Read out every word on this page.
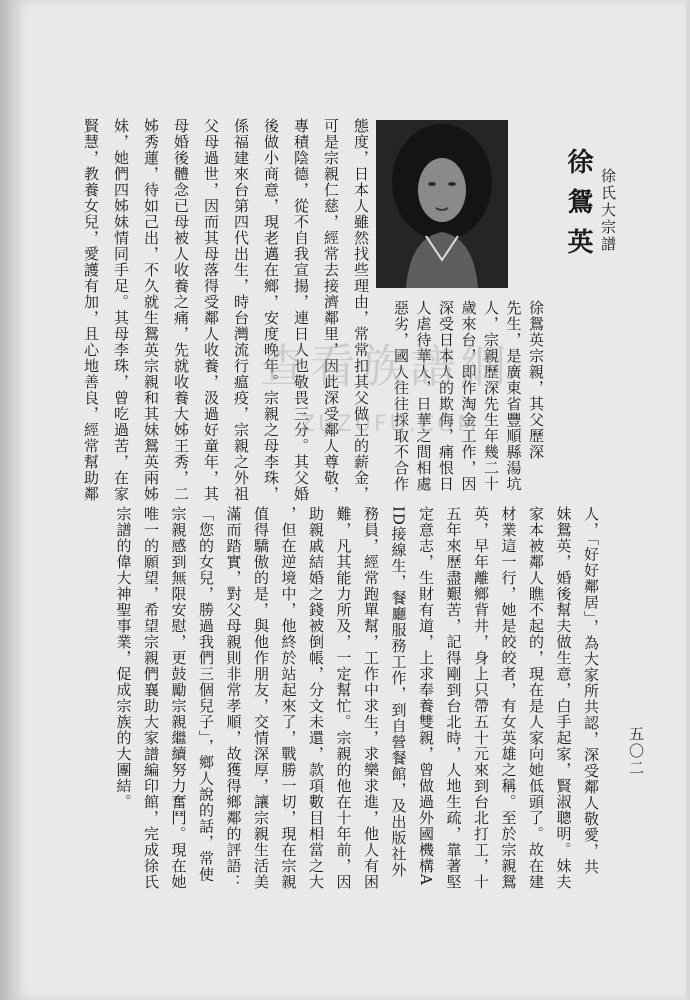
徐氏大宗譜
徐鴛英
徐鴛英宗親，其父歷深
先生，是廣東省豐順縣湯坑
人，宗親歷深先生年幾二十
歲來台，即作淘金工作，因
深受日本人的欺侮，痛恨日
人虐待華人，日華之間相處
惡劣，國人往往採取不合作
態度，日本人雖然找些理由，常常扣其父做工的薪金，
可是宗親仁慈，經常去接濟鄰里，因此深受鄰人尊敬，
專積陰德，從不自我宣揚，連日人也敬畏三分。其父婚
後做小商意，現老邁在鄉，安度晚年。宗親之母李珠，
係福建來台第四代出生，時台灣流行瘟疫，宗親之外祖
父母過世，因而其母落得受鄰人收養，汲過好童年，其
母婚後體念已母被人收養之痛，先就收養大姊王秀，二
姊秀蓮，待如己出，不久就生鴛英宗親和其妹鴛英兩姊
妹，她們四姊妹情同手足。其母李珠，曾吃過苦，在家
賢慧，教養女兒，愛護有加，且心地善良，經常幫助鄰
人，「好好鄰居」，為大家所共認，深受鄰人敬愛，共
妹鴛英，婚後幫夫做生意，白手起家，賢淑聰明。妹夫
家本被鄰人瞧不起的，現在是人家向她低頭了。故在建
材業這一行，她是皎皎者，有女英雄之稱。至於宗親鴛
英，早年離鄉背井，身上只帶五十元來到台北打工，十
五年來歷盡艱苦，記得剛到台北時，人地生疏，靠著堅
定意志，生財有道，上求奉養雙親，曾做過外國機構A
ID接線生，餐廳服務工作，到自營餐館，及出版社外
務員，經常跑單幫，工作中求生，求樂求進，他人有困
難，凡其能力所及，一定幫忙。宗親的他在十年前，因
助親戚結婚之錢被倒帳，分文未還，款項數目相當之大
，但在逆境中，他終於站起來了，戰勝一切，現在宗親
值得驕傲的是，與他作朋友，交情深厚，讓宗親生活美
滿而踏實，對父母親則非常孝順，故獲得鄉鄰的評語：
「您的女兒，勝過我們三個兒子」，鄉人說的話，常使
宗親感到無限安慰，更鼓勵宗親繼續努力奮鬥。現在她
唯一的願望，希望宗親們襄助大家譜編印館，完成徐氏
宗譜的偉大神聖事業，促成宗族的大團結。	五〇二
查看族譜網
ZUZUFU.COM
